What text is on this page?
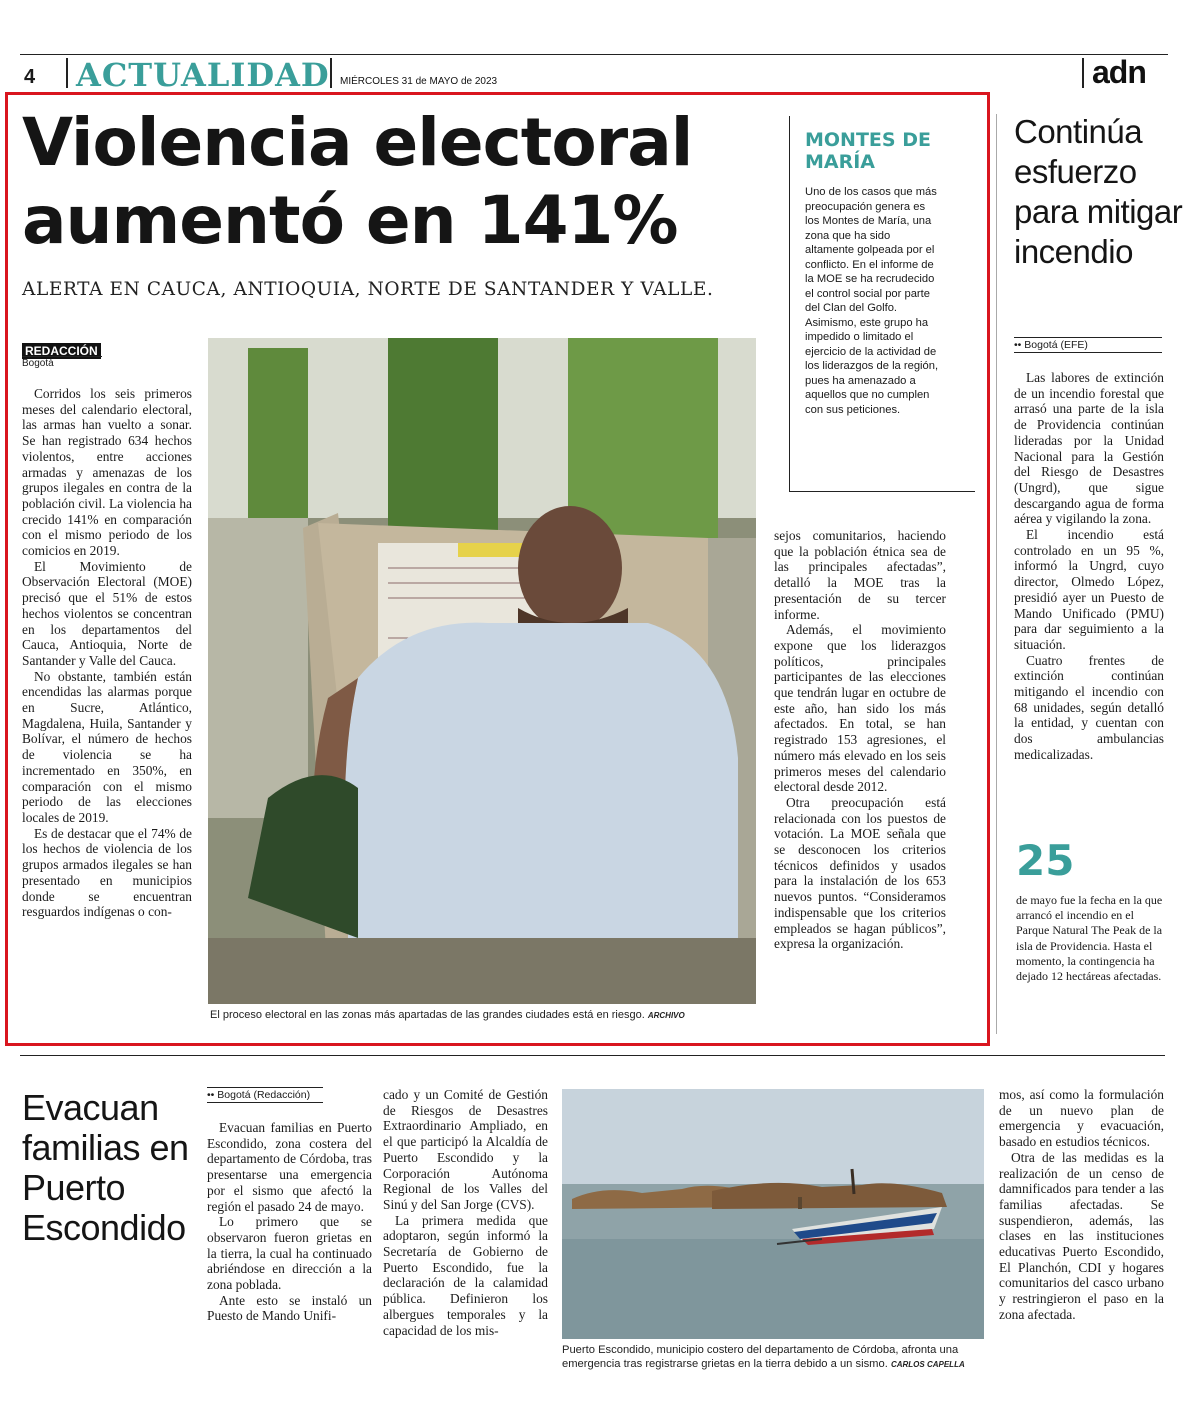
4 ACTUALIDAD MIÉRCOLES 31 de MAYO de 2023	adn
Violencia electoral aumentó en 141%
ALERTA EN CAUCA, ANTIOQUIA, NORTE DE SANTANDER Y VALLE.
REDACCIÓN
Bogotá

Corridos los seis primeros meses del calendario electoral, las armas han vuelto a sonar. Se han registrado 634 hechos violentos, entre acciones armadas y amenazas de los grupos ilegales en contra de la población civil. La violencia ha crecido 141% en comparación con el mismo periodo de los comicios en 2019.

El Movimiento de Observación Electoral (MOE) precisó que el 51% de estos hechos violentos se concentran en los departamentos del Cauca, Antioquia, Norte de Santander y Valle del Cauca.

No obstante, también están encendidas las alarmas porque en Sucre, Atlántico, Magdalena, Huila, Santander y Bolívar, el número de hechos de violencia se ha incrementado en 350%, en comparación con el mismo periodo de las elecciones locales de 2019.

Es de destacar que el 74% de los hechos de violencia de los grupos armados ilegales se han presentado en municipios donde se encuentran resguardos indígenas o con-

El proceso electoral en las zonas más apartadas de las grandes ciudades está en riesgo. ARCHIVO

sejos comunitarios, haciendo que la población étnica sea de las principales afectadas”, detalló la MOE tras la presentación de su tercer informe.

Además, el movimiento expone que los liderazgos políticos, principales participantes de las elecciones que tendrán lugar en octubre de este año, han sido los más afectados. En total, se han registrado 153 agresiones, el número más elevado en los seis primeros meses del calendario electoral desde 2012.

Otra preocupación está relacionada con los puestos de votación. La MOE señala que se desconocen los criterios técnicos definidos y usados para la instalación de los 653 nuevos puntos. “Consideramos indispensable que los criterios empleados se hagan públicos”, expresa la organización.

MONTES DE MARÍA
Uno de los casos que más preocupación genera es los Montes de María, una zona que ha sido altamente golpeada por el conflicto. En el informe de la MOE se ha recrudecido el control social por parte del Clan del Golfo. Asimismo, este grupo ha impedido o limitado el ejercicio de la actividad de los liderazgos de la región, pues ha amenazado a aquellos que no cumplen con sus peticiones.
Continúa esfuerzo para mitigar incendio
•• Bogotá (EFE)

Las labores de extinción de un incendio forestal que arrasó una parte de la isla de Providencia continúan lideradas por la Unidad Nacional para la Gestión del Riesgo de Desastres (Ungrd), que sigue descargando agua de forma aérea y vigilando la zona.

El incendio está controlado en un 95 %, informó la Ungrd, cuyo director, Olmedo López, presidió ayer un Puesto de Mando Unificado (PMU) para dar seguimiento a la situación.

Cuatro frentes de extinción continúan mitigando el incendio con 68 unidades, según detalló la entidad, y cuentan con dos ambulancias medicalizadas.

25
de mayo fue la fecha en la que arrancó el incendio en el Parque Natural The Peak de la isla de Providencia. Hasta el momento, la contingencia ha dejado 12 hectáreas afectadas.
Evacuan familias en Puerto Escondido
•• Bogotá (Redacción)

Evacuan familias en Puerto Escondido, zona costera del departamento de Córdoba, tras presentarse una emergencia por el sismo que afectó la región el pasado 24 de mayo.

Lo primero que se observaron fueron grietas en la tierra, la cual ha continuado abriéndose en dirección a la zona poblada.

Ante esto se instaló un Puesto de Mando Unifi-

cado y un Comité de Gestión de Riesgos de Desastres Extraordinario Ampliado, en el que participó la Alcaldía de Puerto Escondido y la Corporación Autónoma Regional de los Valles del Sinú y del San Jorge (CVS).

La primera medida que adoptaron, según informó la Secretaría de Gobierno de Puerto Escondido, fue la declaración de la calamidad pública. Definieron los albergues temporales y la capacidad de los mis-

Puerto Escondido, municipio costero del departamento de Córdoba, afronta una emergencia tras registrarse grietas en la tierra debido a un sismo. CARLOS CAPELLA

mos, así como la formulación de un nuevo plan de emergencia y evacuación, basado en estudios técnicos.

Otra de las medidas es la realización de un censo de damnificados para tender a las familias afectadas. Se suspendieron, además, las clases en las instituciones educativas Puerto Escondido, El Planchón, CDI y hogares comunitarios del casco urbano y restringieron el paso en la zona afectada.
